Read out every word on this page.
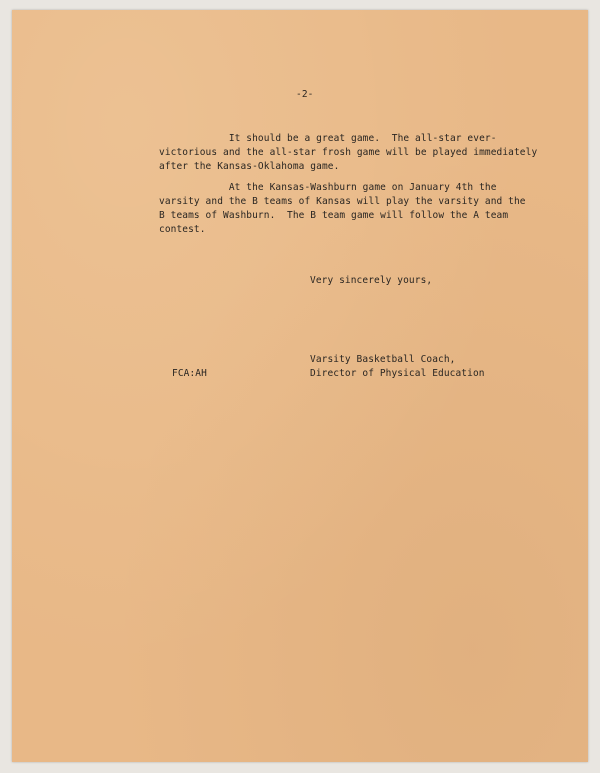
-2-
It should be a great game.  The all-star ever-
victorious and the all-star frosh game will be played immediately
after the Kansas-Oklahoma game.
At the Kansas-Washburn game on January 4th the
varsity and the B teams of Kansas will play the varsity and the
B teams of Washburn.  The B team game will follow the A team
contest.
Very sincerely yours,
Varsity Basketball Coach,
Director of Physical Education
FCA:AH
